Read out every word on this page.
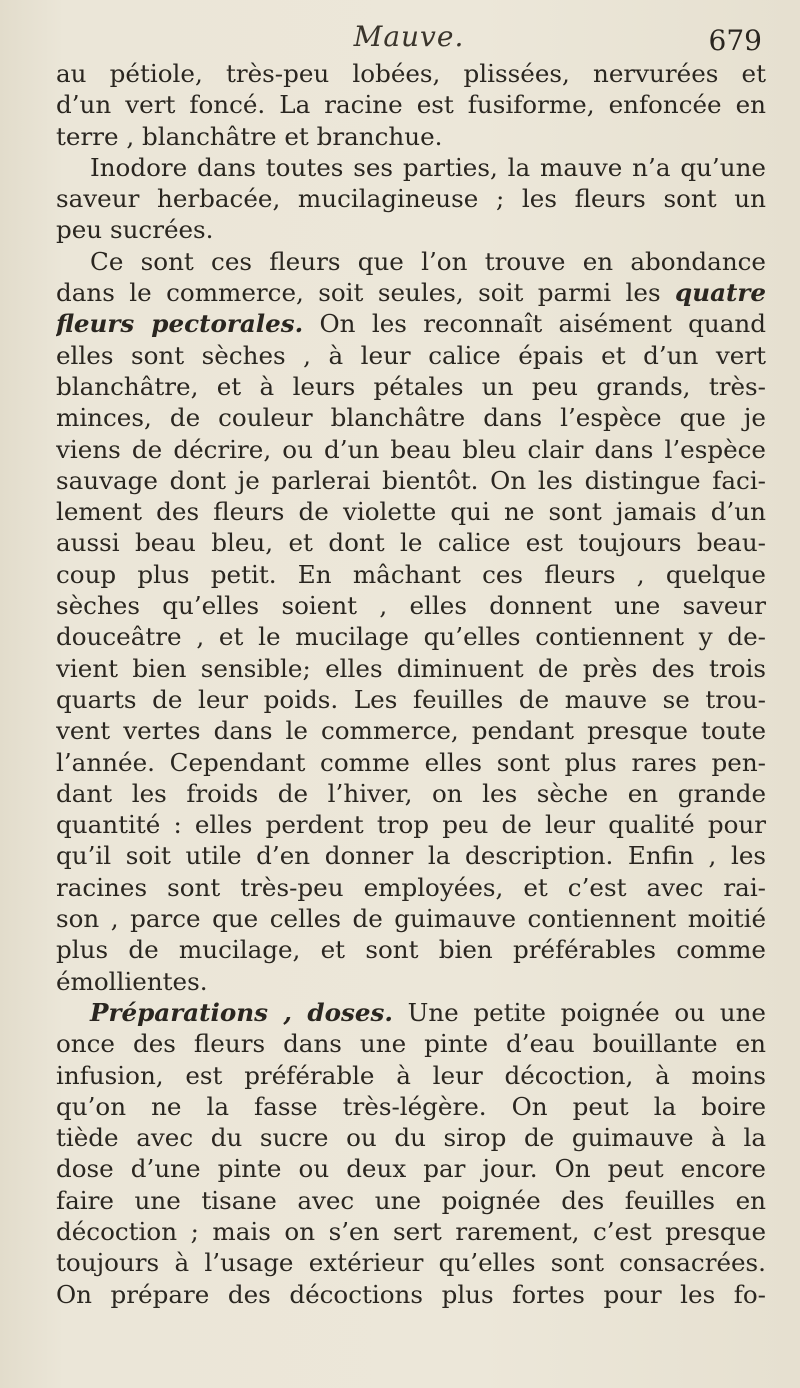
Mauve.	679
au pétiole, très-peu lobées, plissées, nervurées et
d’un vert foncé. La racine est fusiforme, enfoncée en
terre , blanchâtre et branchue.
Inodore dans toutes ses parties, la mauve n’a qu’une
saveur herbacée, mucilagineuse ; les fleurs sont un
peu sucrées.
Ce sont ces fleurs que l’on trouve en abondance
dans le commerce, soit seules, soit parmi les quatre
fleurs pectorales. On les reconnaît aisément quand
elles sont sèches , à leur calice épais et d’un vert
blanchâtre, et à leurs pétales un peu grands, très-
minces, de couleur blanchâtre dans l’espèce que je
viens de décrire, ou d’un beau bleu clair dans l’espèce
sauvage dont je parlerai bientôt. On les distingue faci-
lement des fleurs de violette qui ne sont jamais d’un
aussi beau bleu, et dont le calice est toujours beau-
coup plus petit. En mâchant ces fleurs , quelque
sèches qu’elles soient , elles donnent une saveur
douceâtre , et le mucilage qu’elles contiennent y de-
vient bien sensible; elles diminuent de près des trois
quarts de leur poids. Les feuilles de mauve se trou-
vent vertes dans le commerce, pendant presque toute
l’année. Cependant comme elles sont plus rares pen-
dant les froids de l’hiver, on les sèche en grande
quantité : elles perdent trop peu de leur qualité pour
qu’il soit utile d’en donner la description. Enfin , les
racines sont très-peu employées, et c’est avec rai-
son , parce que celles de guimauve contiennent moitié
plus de mucilage, et sont bien préférables comme
émollientes.
Préparations , doses. Une petite poignée ou une
once des fleurs dans une pinte d’eau bouillante en
infusion, est préférable à leur décoction, à moins
qu’on ne la fasse très-légère. On peut la boire
tiède avec du sucre ou du sirop de guimauve à la
dose d’une pinte ou deux par jour. On peut encore
faire une tisane avec une poignée des feuilles en
décoction ; mais on s’en sert rarement, c’est presque
toujours à l’usage extérieur qu’elles sont consacrées.
On prépare des décoctions plus fortes pour les fo-
